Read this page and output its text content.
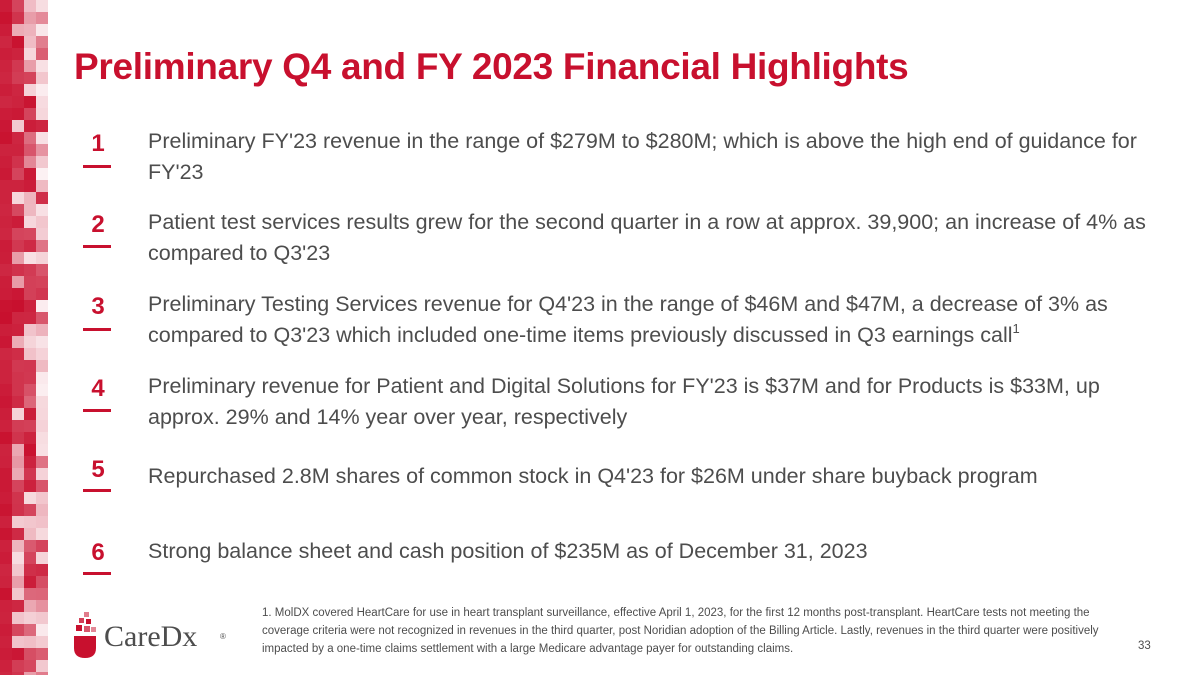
Preliminary Q4 and FY 2023 Financial Highlights
1	Preliminary FY'23 revenue in the range of $279M to $280M; which is above the high end of guidance for FY'23

2	Patient test services results grew for the second quarter in a row at approx. 39,900; an increase of 4% as compared to Q3'23

3	Preliminary Testing Services revenue for Q4'23 in the range of $46M and $47M, a decrease of 3% as compared to Q3'23 which included one-time items previously discussed in Q3 earnings call$^1$

4	Preliminary revenue for Patient and Digital Solutions for FY'23 is $37M and for Products is $33M, up approx. 29% and 14% year over year, respectively

5	Repurchased 2.8M shares of common stock in Q4'23 for $26M under share buyback program

6	Strong balance sheet and cash position of $235M as of December 31, 2023

CareDx	®

1. MolDX covered HeartCare for use in heart transplant surveillance, effective April 1, 2023, for the first 12 months post-transplant. HeartCare tests not meeting the coverage criteria were not recognized in revenues in the third quarter, post Noridian adoption of the Billing Article. Lastly, revenues in the third quarter were positively impacted by a one-time claims settlement with a large Medicare advantage payer for outstanding claims.	33
